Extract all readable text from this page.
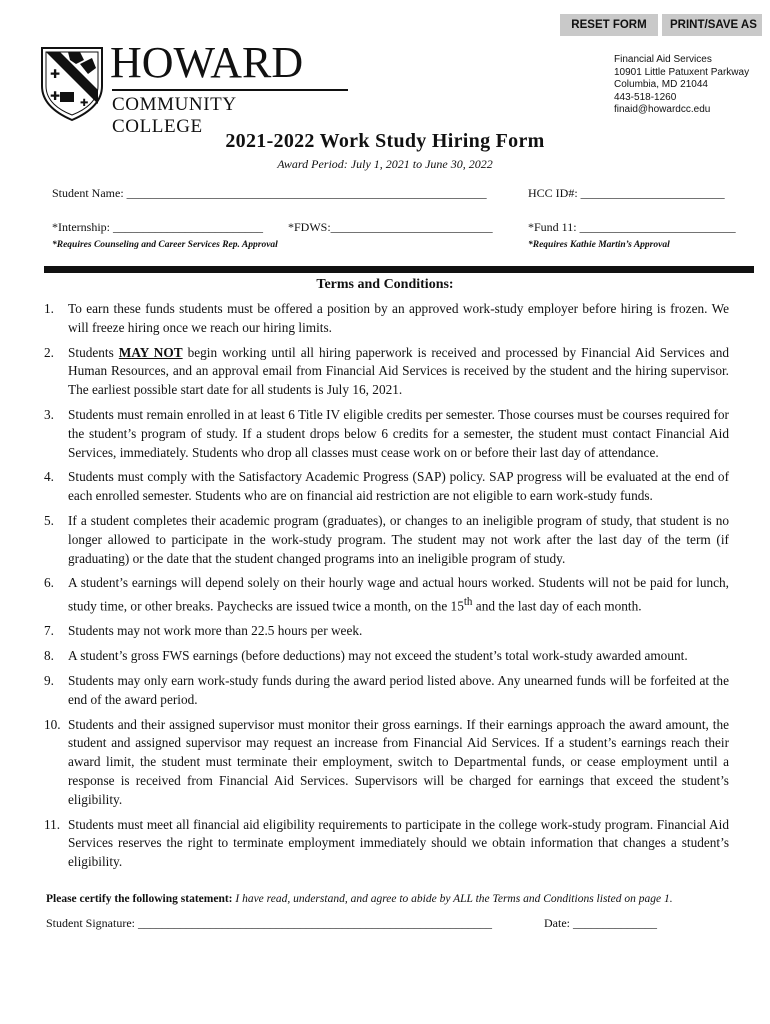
RESET FORM	PRINT/SAVE AS
✚
✚
✚
HOWARD
COMMUNITY COLLEGE
Financial Aid Services
10901 Little Patuxent Parkway
Columbia, MD 21044
443-518-1260
finaid@howardcc.edu
2021-2022 Work Study Hiring Form
Award Period: July 1, 2021 to June 30, 2022
Student Name: ____________________________________________________________	HCC ID#: ________________________
*Internship: _________________________ *FDWS:___________________________	*Fund 11: __________________________
*Requires Counseling and Career Services Rep. Approval	*Requires Kathie Martin’s Approval
Terms and Conditions:
1. To earn these funds students must be offered a position by an approved work-study employer before hiring is frozen. We will freeze hiring once we reach our hiring limits.
2. Students MAY NOT begin working until all hiring paperwork is received and processed by Financial Aid Services and Human Resources, and an approval email from Financial Aid Services is received by the student and the hiring supervisor. The earliest possible start date for all students is July 16, 2021.
3. Students must remain enrolled in at least 6 Title IV eligible credits per semester. Those courses must be courses required for the student’s program of study. If a student drops below 6 credits for a semester, the student must contact Financial Aid Services, immediately. Students who drop all classes must cease work on or before their last day of attendance.
4. Students must comply with the Satisfactory Academic Progress (SAP) policy. SAP progress will be evaluated at the end of each enrolled semester. Students who are on financial aid restriction are not eligible to earn work-study funds.
5. If a student completes their academic program (graduates), or changes to an ineligible program of study, that student is no longer allowed to participate in the work-study program. The student may not work after the last day of the term (if graduating) or the date that the student changed programs into an ineligible program of study.
6. A student’s earnings will depend solely on their hourly wage and actual hours worked. Students will not be paid for lunch, study time, or other breaks. Paychecks are issued twice a month, on the 15th and the last day of each month.
7. Students may not work more than 22.5 hours per week.
8. A student’s gross FWS earnings (before deductions) may not exceed the student’s total work-study awarded amount.
9. Students may only earn work-study funds during the award period listed above. Any unearned funds will be forfeited at the end of the award period.
10. Students and their assigned supervisor must monitor their gross earnings. If their earnings approach the award amount, the student and assigned supervisor may request an increase from Financial Aid Services. If a student’s earnings reach their award limit, the student must terminate their employment, switch to Departmental funds, or cease employment until a response is received from Financial Aid Services. Supervisors will be charged for earnings that exceed the student’s eligibility.
11. Students must meet all financial aid eligibility requirements to participate in the college work-study program. Financial Aid Services reserves the right to terminate employment immediately should we obtain information that changes a student’s eligibility.
Please certify the following statement: I have read, understand, and agree to abide by ALL the Terms and Conditions listed on page 1.
Student Signature: ___________________________________________________________	Date: ______________
